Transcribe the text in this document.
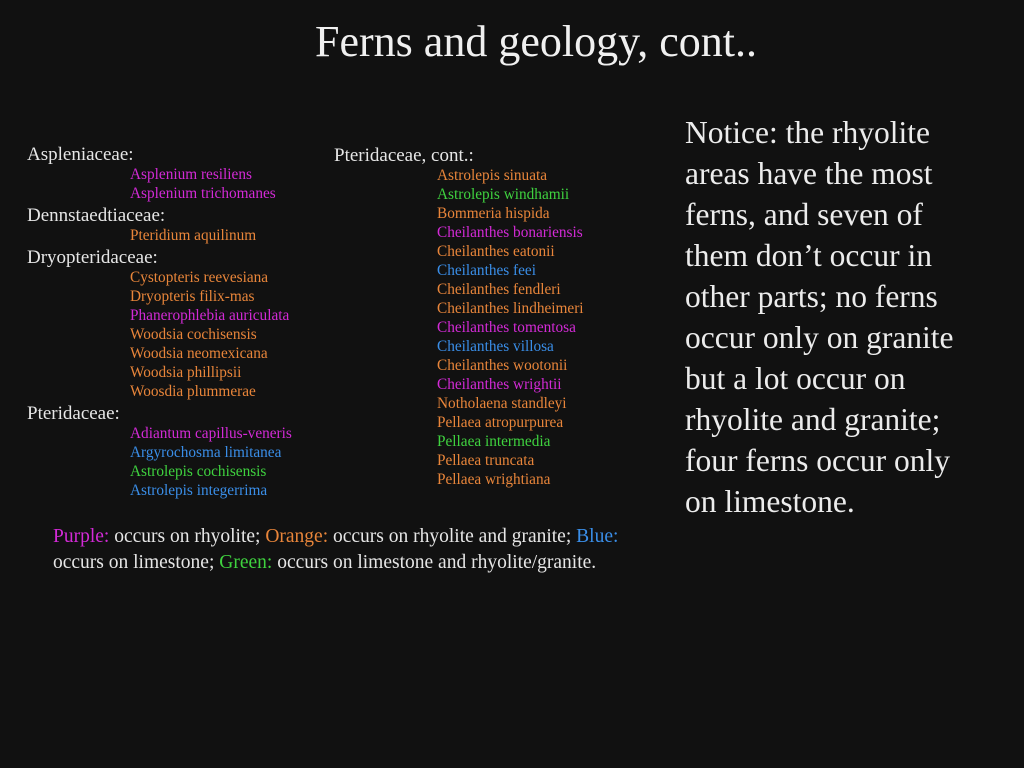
Ferns and geology, cont..
Aspleniaceae:
Asplenium resiliens
Asplenium trichomanes
Dennstaedtiaceae:
Pteridium aquilinum
Dryopteridaceae:
Cystopteris reevesiana
Dryopteris filix-mas
Phanerophlebia auriculata
Woodsia cochisensis
Woodsia neomexicana
Woodsia phillipsii
Woosdia plummerae
Pteridaceae:
Adiantum capillus-veneris
Argyrochosma limitanea
Astrolepis cochisensis
Astrolepis integerrima
Pteridaceae, cont.:
Astrolepis sinuata
Astrolepis windhamii
Bommeria hispida
Cheilanthes bonariensis
Cheilanthes eatonii
Cheilanthes feei
Cheilanthes fendleri
Cheilanthes lindheimeri
Cheilanthes tomentosa
Cheilanthes villosa
Cheilanthes wootonii
Cheilanthes wrightii
Notholaena standleyi
Pellaea atropurpurea
Pellaea intermedia
Pellaea truncata
Pellaea wrightiana
Purple: occurs on rhyolite; Orange: occurs on rhyolite and granite; Blue: occurs on limestone; Green: occurs on limestone and rhyolite/granite.
Notice: the rhyolite areas have the most ferns, and seven of them don’t occur in other parts; no ferns occur only on granite but a lot occur on rhyolite and granite; four ferns occur only on limestone.
